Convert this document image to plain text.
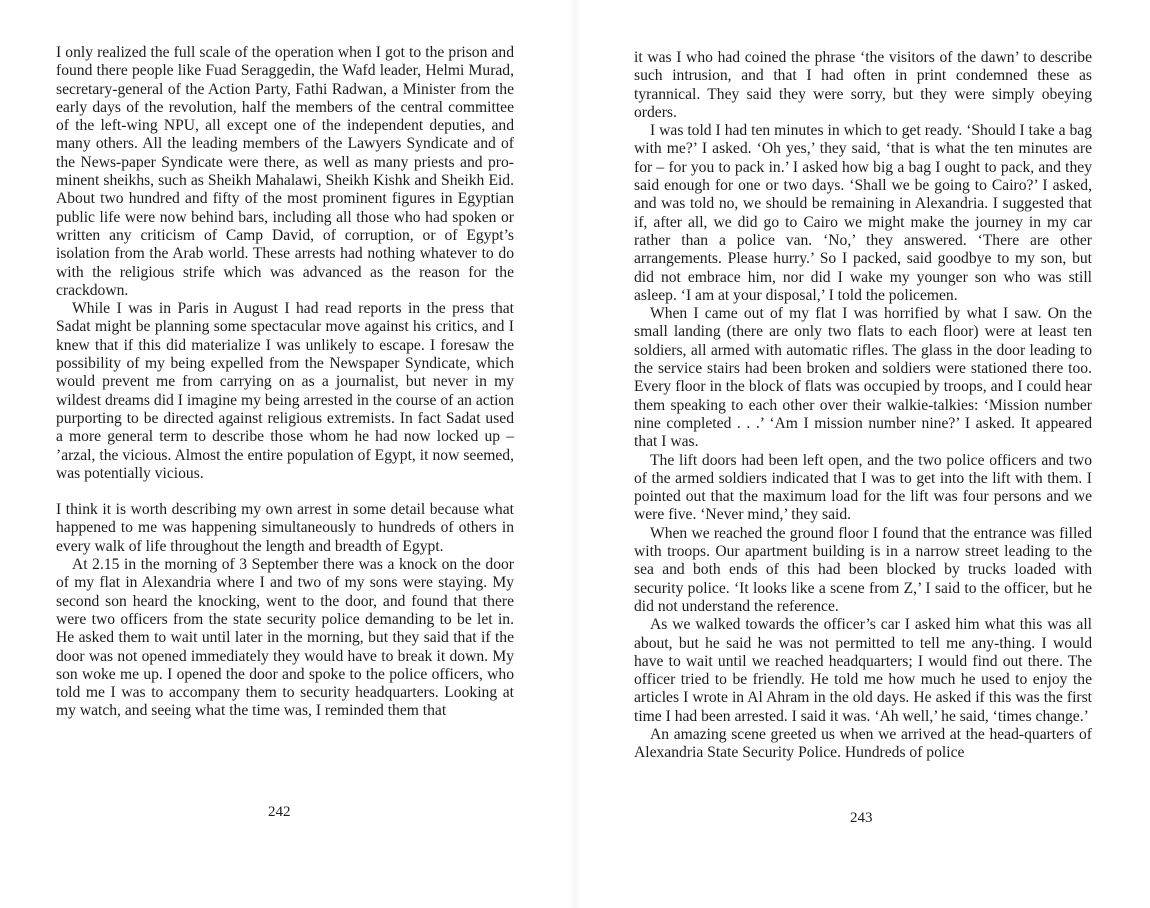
I only realized the full scale of the operation when I got to the prison and found there people like Fuad Seraggedin, the Wafd leader, Helmi Murad, secretary-general of the Action Party, Fathi Radwan, a Minister from the early days of the revolution, half the members of the central committee of the left-wing NPU, all except one of the independent deputies, and many others. All the leading members of the Lawyers Syndicate and of the News-paper Syndicate were there, as well as many priests and pro-minent sheikhs, such as Sheikh Mahalawi, Sheikh Kishk and Sheikh Eid. About two hundred and fifty of the most prominent figures in Egyptian public life were now behind bars, including all those who had spoken or written any criticism of Camp David, of corruption, or of Egypt’s isolation from the Arab world. These arrests had nothing whatever to do with the religious strife which was advanced as the reason for the crackdown.

While I was in Paris in August I had read reports in the press that Sadat might be planning some spectacular move against his critics, and I knew that if this did materialize I was unlikely to escape. I foresaw the possibility of my being expelled from the Newspaper Syndicate, which would prevent me from carrying on as a journalist, but never in my wildest dreams did I imagine my being arrested in the course of an action purporting to be directed against religious extremists. In fact Sadat used a more general term to describe those whom he had now locked up – ’arzal, the vicious. Almost the entire population of Egypt, it now seemed, was potentially vicious.

I think it is worth describing my own arrest in some detail because what happened to me was happening simultaneously to hundreds of others in every walk of life throughout the length and breadth of Egypt.

At 2.15 in the morning of 3 September there was a knock on the door of my flat in Alexandria where I and two of my sons were staying. My second son heard the knocking, went to the door, and found that there were two officers from the state security police demanding to be let in. He asked them to wait until later in the morning, but they said that if the door was not opened immediately they would have to break it down. My son woke me up. I opened the door and spoke to the police officers, who told me I was to accompany them to security headquarters. Looking at my watch, and seeing what the time was, I reminded them that

242

it was I who had coined the phrase ‘the visitors of the dawn’ to describe such intrusion, and that I had often in print condemned these as tyrannical. They said they were sorry, but they were simply obeying orders.

I was told I had ten minutes in which to get ready. ‘Should I take a bag with me?’ I asked. ‘Oh yes,’ they said, ‘that is what the ten minutes are for – for you to pack in.’ I asked how big a bag I ought to pack, and they said enough for one or two days. ‘Shall we be going to Cairo?’ I asked, and was told no, we should be remaining in Alexandria. I suggested that if, after all, we did go to Cairo we might make the journey in my car rather than a police van. ‘No,’ they answered. ‘There are other arrangements. Please hurry.’ So I packed, said goodbye to my son, but did not embrace him, nor did I wake my younger son who was still asleep. ‘I am at your disposal,’ I told the policemen.

When I came out of my flat I was horrified by what I saw. On the small landing (there are only two flats to each floor) were at least ten soldiers, all armed with automatic rifles. The glass in the door leading to the service stairs had been broken and soldiers were stationed there too. Every floor in the block of flats was occupied by troops, and I could hear them speaking to each other over their walkie-talkies: ‘Mission number nine completed . . .’ ‘Am I mission number nine?’ I asked. It appeared that I was.

The lift doors had been left open, and the two police officers and two of the armed soldiers indicated that I was to get into the lift with them. I pointed out that the maximum load for the lift was four persons and we were five. ‘Never mind,’ they said.

When we reached the ground floor I found that the entrance was filled with troops. Our apartment building is in a narrow street leading to the sea and both ends of this had been blocked by trucks loaded with security police. ‘It looks like a scene from Z,’ I said to the officer, but he did not understand the reference.

As we walked towards the officer’s car I asked him what this was all about, but he said he was not permitted to tell me any-thing. I would have to wait until we reached headquarters; I would find out there. The officer tried to be friendly. He told me how much he used to enjoy the articles I wrote in Al Ahram in the old days. He asked if this was the first time I had been arrested. I said it was. ‘Ah well,’ he said, ‘times change.’

An amazing scene greeted us when we arrived at the head-quarters of Alexandria State Security Police. Hundreds of police

243
